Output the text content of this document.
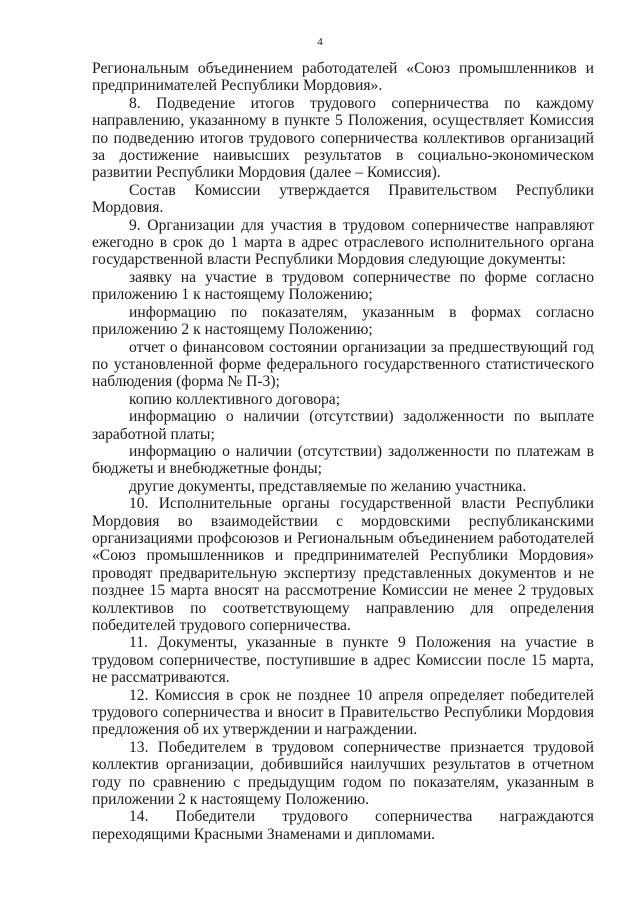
4

Региональным объединением работодателей «Союз промышленников и предпринимателей Республики Мордовия».

8. Подведение итогов трудового соперничества по каждому направлению, указанному в пункте 5 Положения, осуществляет Комиссия по подведению итогов трудового соперничества коллективов организаций за достижение наивысших результатов в социально-экономическом развитии Республики Мордовия (далее – Комиссия).

Состав Комиссии утверждается Правительством Республики Мордовия.

9. Организации для участия в трудовом соперничестве направляют ежегодно в срок до 1 марта в адрес отраслевого исполнительного органа государственной власти Республики Мордовия следующие документы:

заявку на участие в трудовом соперничестве по форме согласно приложению 1 к настоящему Положению;

информацию по показателям, указанным в формах согласно приложению 2 к настоящему Положению;

отчет о финансовом состоянии организации за предшествующий год по установленной форме федерального государственного статистического наблюдения (форма № П-3);

копию коллективного договора;

информацию о наличии (отсутствии) задолженности по выплате заработной платы;

информацию о наличии (отсутствии) задолженности по платежам в бюджеты и внебюджетные фонды;

другие документы, представляемые по желанию участника.

10. Исполнительные органы государственной власти Республики Мордовия во взаимодействии с мордовскими республиканскими организациями профсоюзов и Региональным объединением работодателей «Союз промышленников и предпринимателей Республики Мордовия» проводят предварительную экспертизу представленных документов и не позднее 15 марта вносят на рассмотрение Комиссии не менее 2 трудовых коллективов по соответствующему направлению для определения победителей трудового соперничества.

11. Документы, указанные в пункте 9 Положения на участие в трудовом соперничестве, поступившие в адрес Комиссии после 15 марта, не рассматриваются.

12. Комиссия в срок не позднее 10 апреля определяет победителей трудового соперничества и вносит в Правительство Республики Мордовия предложения об их утверждении и награждении.

13. Победителем в трудовом соперничестве признается трудовой коллектив организации, добившийся наилучших результатов в отчетном году по сравнению с предыдущим годом по показателям, указанным в приложении 2 к настоящему Положению.

14. Победители трудового соперничества награждаются переходящими Красными Знаменами и дипломами.
